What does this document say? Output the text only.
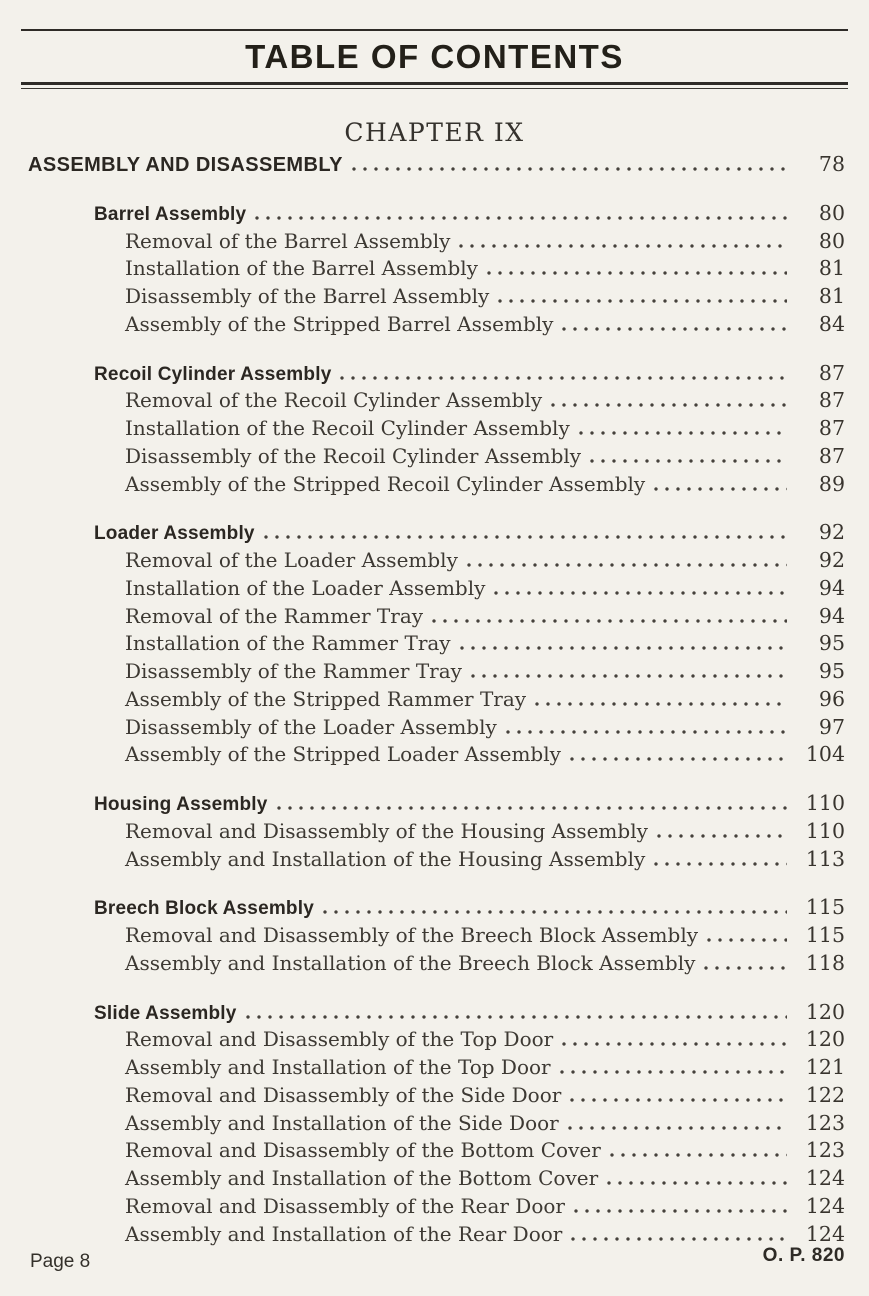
TABLE OF CONTENTS
CHAPTER IX
ASSEMBLY AND DISASSEMBLY	78
Barrel Assembly	80
Removal of the Barrel Assembly	80
Installation of the Barrel Assembly	81
Disassembly of the Barrel Assembly	81
Assembly of the Stripped Barrel Assembly	84
Recoil Cylinder Assembly	87
Removal of the Recoil Cylinder Assembly	87
Installation of the Recoil Cylinder Assembly	87
Disassembly of the Recoil Cylinder Assembly	87
Assembly of the Stripped Recoil Cylinder Assembly	89
Loader Assembly	92
Removal of the Loader Assembly	92
Installation of the Loader Assembly	94
Removal of the Rammer Tray	94
Installation of the Rammer Tray	95
Disassembly of the Rammer Tray	95
Assembly of the Stripped Rammer Tray	96
Disassembly of the Loader Assembly	97
Assembly of the Stripped Loader Assembly	104
Housing Assembly	110
Removal and Disassembly of the Housing Assembly	110
Assembly and Installation of the Housing Assembly	113
Breech Block Assembly	115
Removal and Disassembly of the Breech Block Assembly	115
Assembly and Installation of the Breech Block Assembly	118
Slide Assembly	120
Removal and Disassembly of the Top Door	120
Assembly and Installation of the Top Door	121
Removal and Disassembly of the Side Door	122
Assembly and Installation of the Side Door	123
Removal and Disassembly of the Bottom Cover	123
Assembly and Installation of the Bottom Cover	124
Removal and Disassembly of the Rear Door	124
Assembly and Installation of the Rear Door	124
Page 8	O. P. 820
